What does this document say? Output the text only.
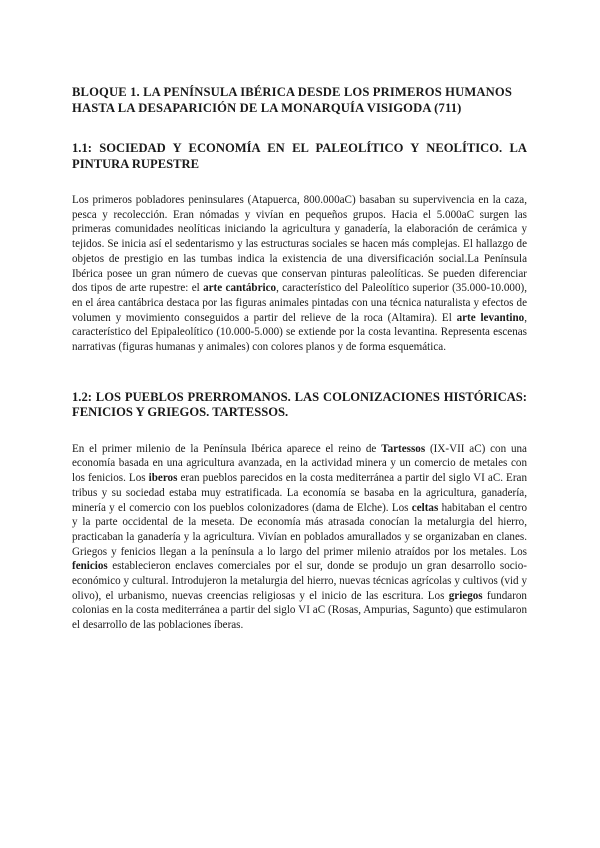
BLOQUE 1. LA PENÍNSULA IBÉRICA DESDE LOS PRIMEROS HUMANOS HASTA LA DESAPARICIÓN DE LA MONARQUÍA VISIGODA (711)
1.1: SOCIEDAD Y ECONOMÍA EN EL PALEOLÍTICO Y NEOLÍTICO. LA PINTURA RUPESTRE

Los primeros pobladores peninsulares (Atapuerca, 800.000aC) basaban su supervivencia en la caza, pesca y recolección. Eran nómadas y vivían en pequeños grupos. Hacia el 5.000aC surgen las primeras comunidades neolíticas iniciando la agricultura y ganadería, la elaboración de cerámica y tejidos. Se inicia así el sedentarismo y las estructuras sociales se hacen más complejas. El hallazgo de objetos de prestigio en las tumbas indica la existencia de una diversificación social.La Península Ibérica posee un gran número de cuevas que conservan pinturas paleolíticas. Se pueden diferenciar dos tipos de arte rupestre: el arte cantábrico, característico del Paleolítico superior (35.000-10.000), en el área cantábrica destaca por las figuras animales pintadas con una técnica naturalista y efectos de volumen y movimiento conseguidos a partir del relieve de la roca (Altamira). El arte levantino, característico del Epipaleolítico (10.000-5.000) se extiende por la costa levantina. Representa escenas narrativas (figuras humanas y animales) con colores planos y de forma esquemática.

1.2: LOS PUEBLOS PRERROMANOS. LAS COLONIZACIONES HISTÓRICAS: FENICIOS Y GRIEGOS. TARTESSOS.

En el primer milenio de la Península Ibérica aparece el reino de Tartessos (IX-VII aC) con una economía basada en una agricultura avanzada, en la actividad minera y un comercio de metales con los fenicios. Los iberos eran pueblos parecidos en la costa mediterránea a partir del siglo VI aC. Eran tribus y su sociedad estaba muy estratificada. La economía se basaba en la agricultura, ganadería, minería y el comercio con los pueblos colonizadores (dama de Elche). Los celtas habitaban el centro y la parte occidental de la meseta. De economía más atrasada conocían la metalurgia del hierro, practicaban la ganadería y la agricultura. Vivían en poblados amurallados y se organizaban en clanes. Griegos y fenicios llegan a la península a lo largo del primer milenio atraídos por los metales. Los fenicios establecieron enclaves comerciales por el sur, donde se produjo un gran desarrollo socio-económico y cultural. Introdujeron la metalurgia del hierro, nuevas técnicas agrícolas y cultivos (vid y olivo), el urbanismo, nuevas creencias religiosas y el inicio de las escritura. Los griegos fundaron colonias en la costa mediterránea a partir del siglo VI aC (Rosas, Ampurias, Sagunto) que estimularon el desarrollo de las poblaciones íberas.
